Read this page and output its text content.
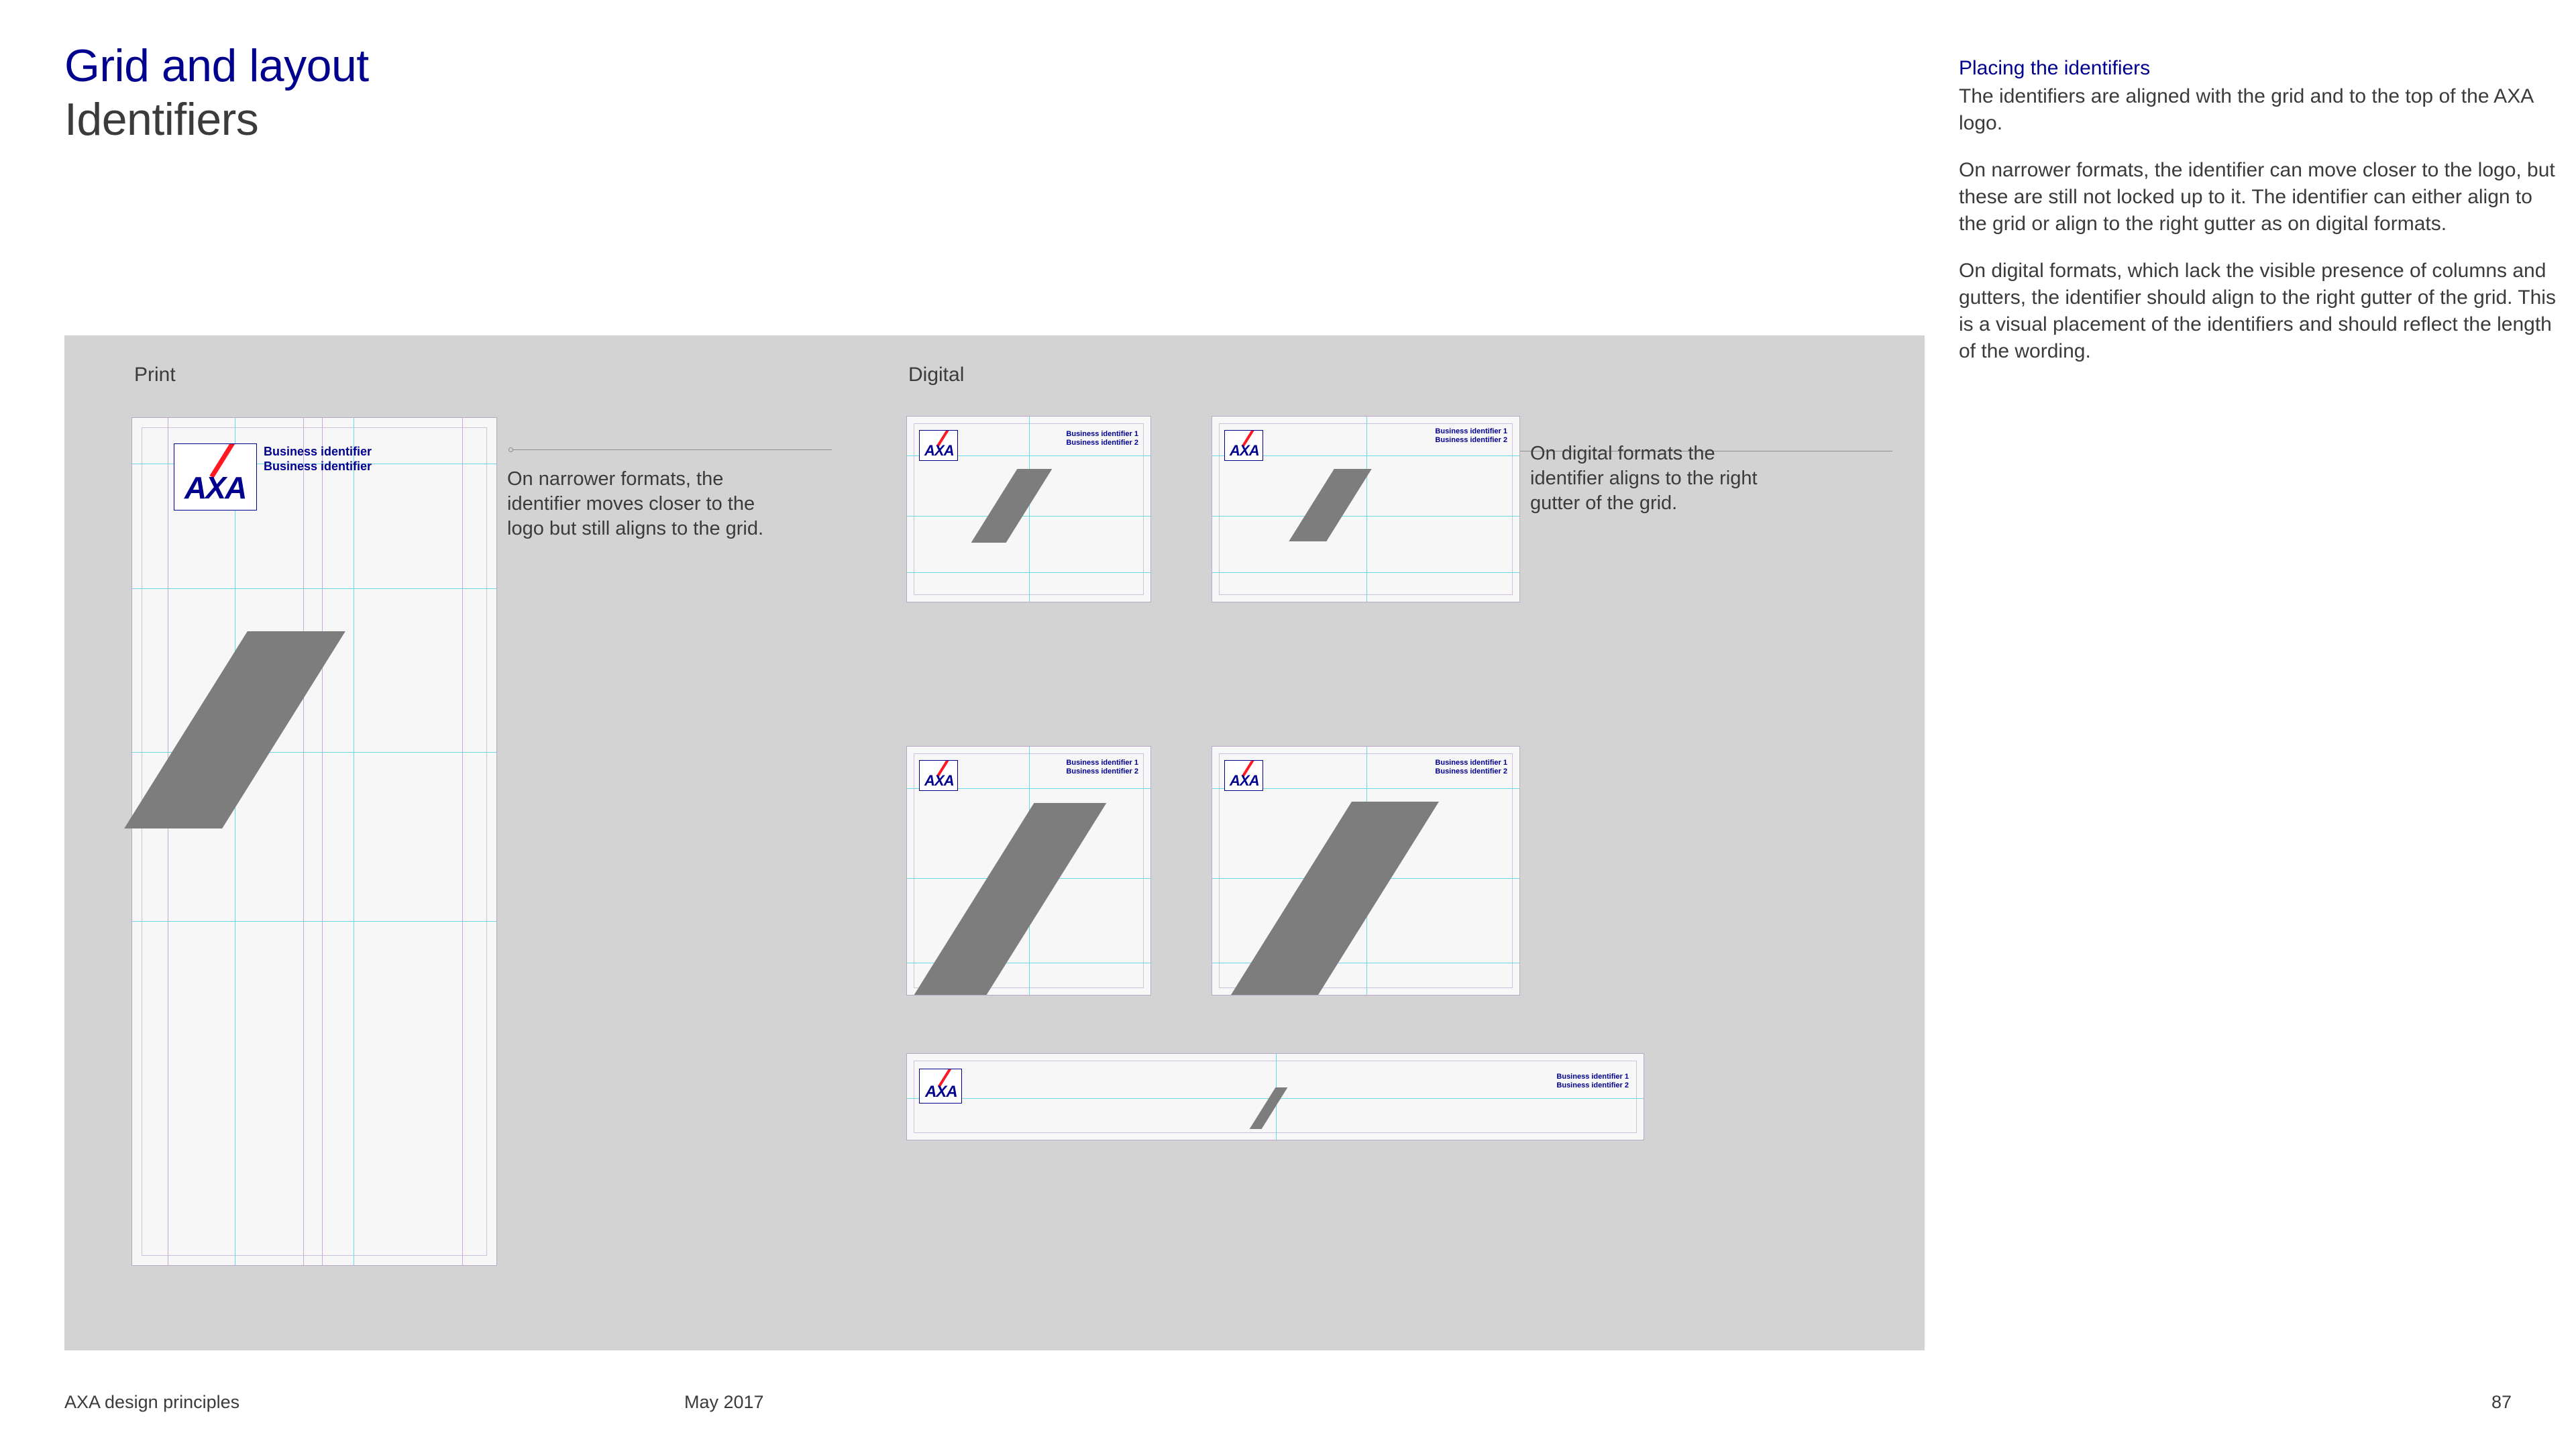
Grid and layout
Identifiers
Placing the identifiers

The identifiers are aligned with the grid and to the top of the AXA logo.

On narrower formats, the identifier can move closer to the logo, but these are still not locked up to it. The identifier can either align to the grid or align to the right gutter as on digital formats.

On digital formats, which lack the visible presence of columns and gutters, the identifier should align to the right gutter of the grid. This is a visual placement of the identifiers and should reflect the length of the wording.

Print	Digital
AXA
Business identifier
Business identifier
On narrower formats, the identifier moves closer to the logo but still aligns to the grid.
AXA
Business identifier 1
Business identifier 2	AXA
Business identifier 1
Business identifier 2
On digital formats the identifier aligns to the right gutter of the grid.
AXA
Business identifier 1
Business identifier 2
AXA
Business identifier 1
Business identifier 2
AXA
Business identifier 1
Business identifier 2
AXA design principles	May 2017	87
